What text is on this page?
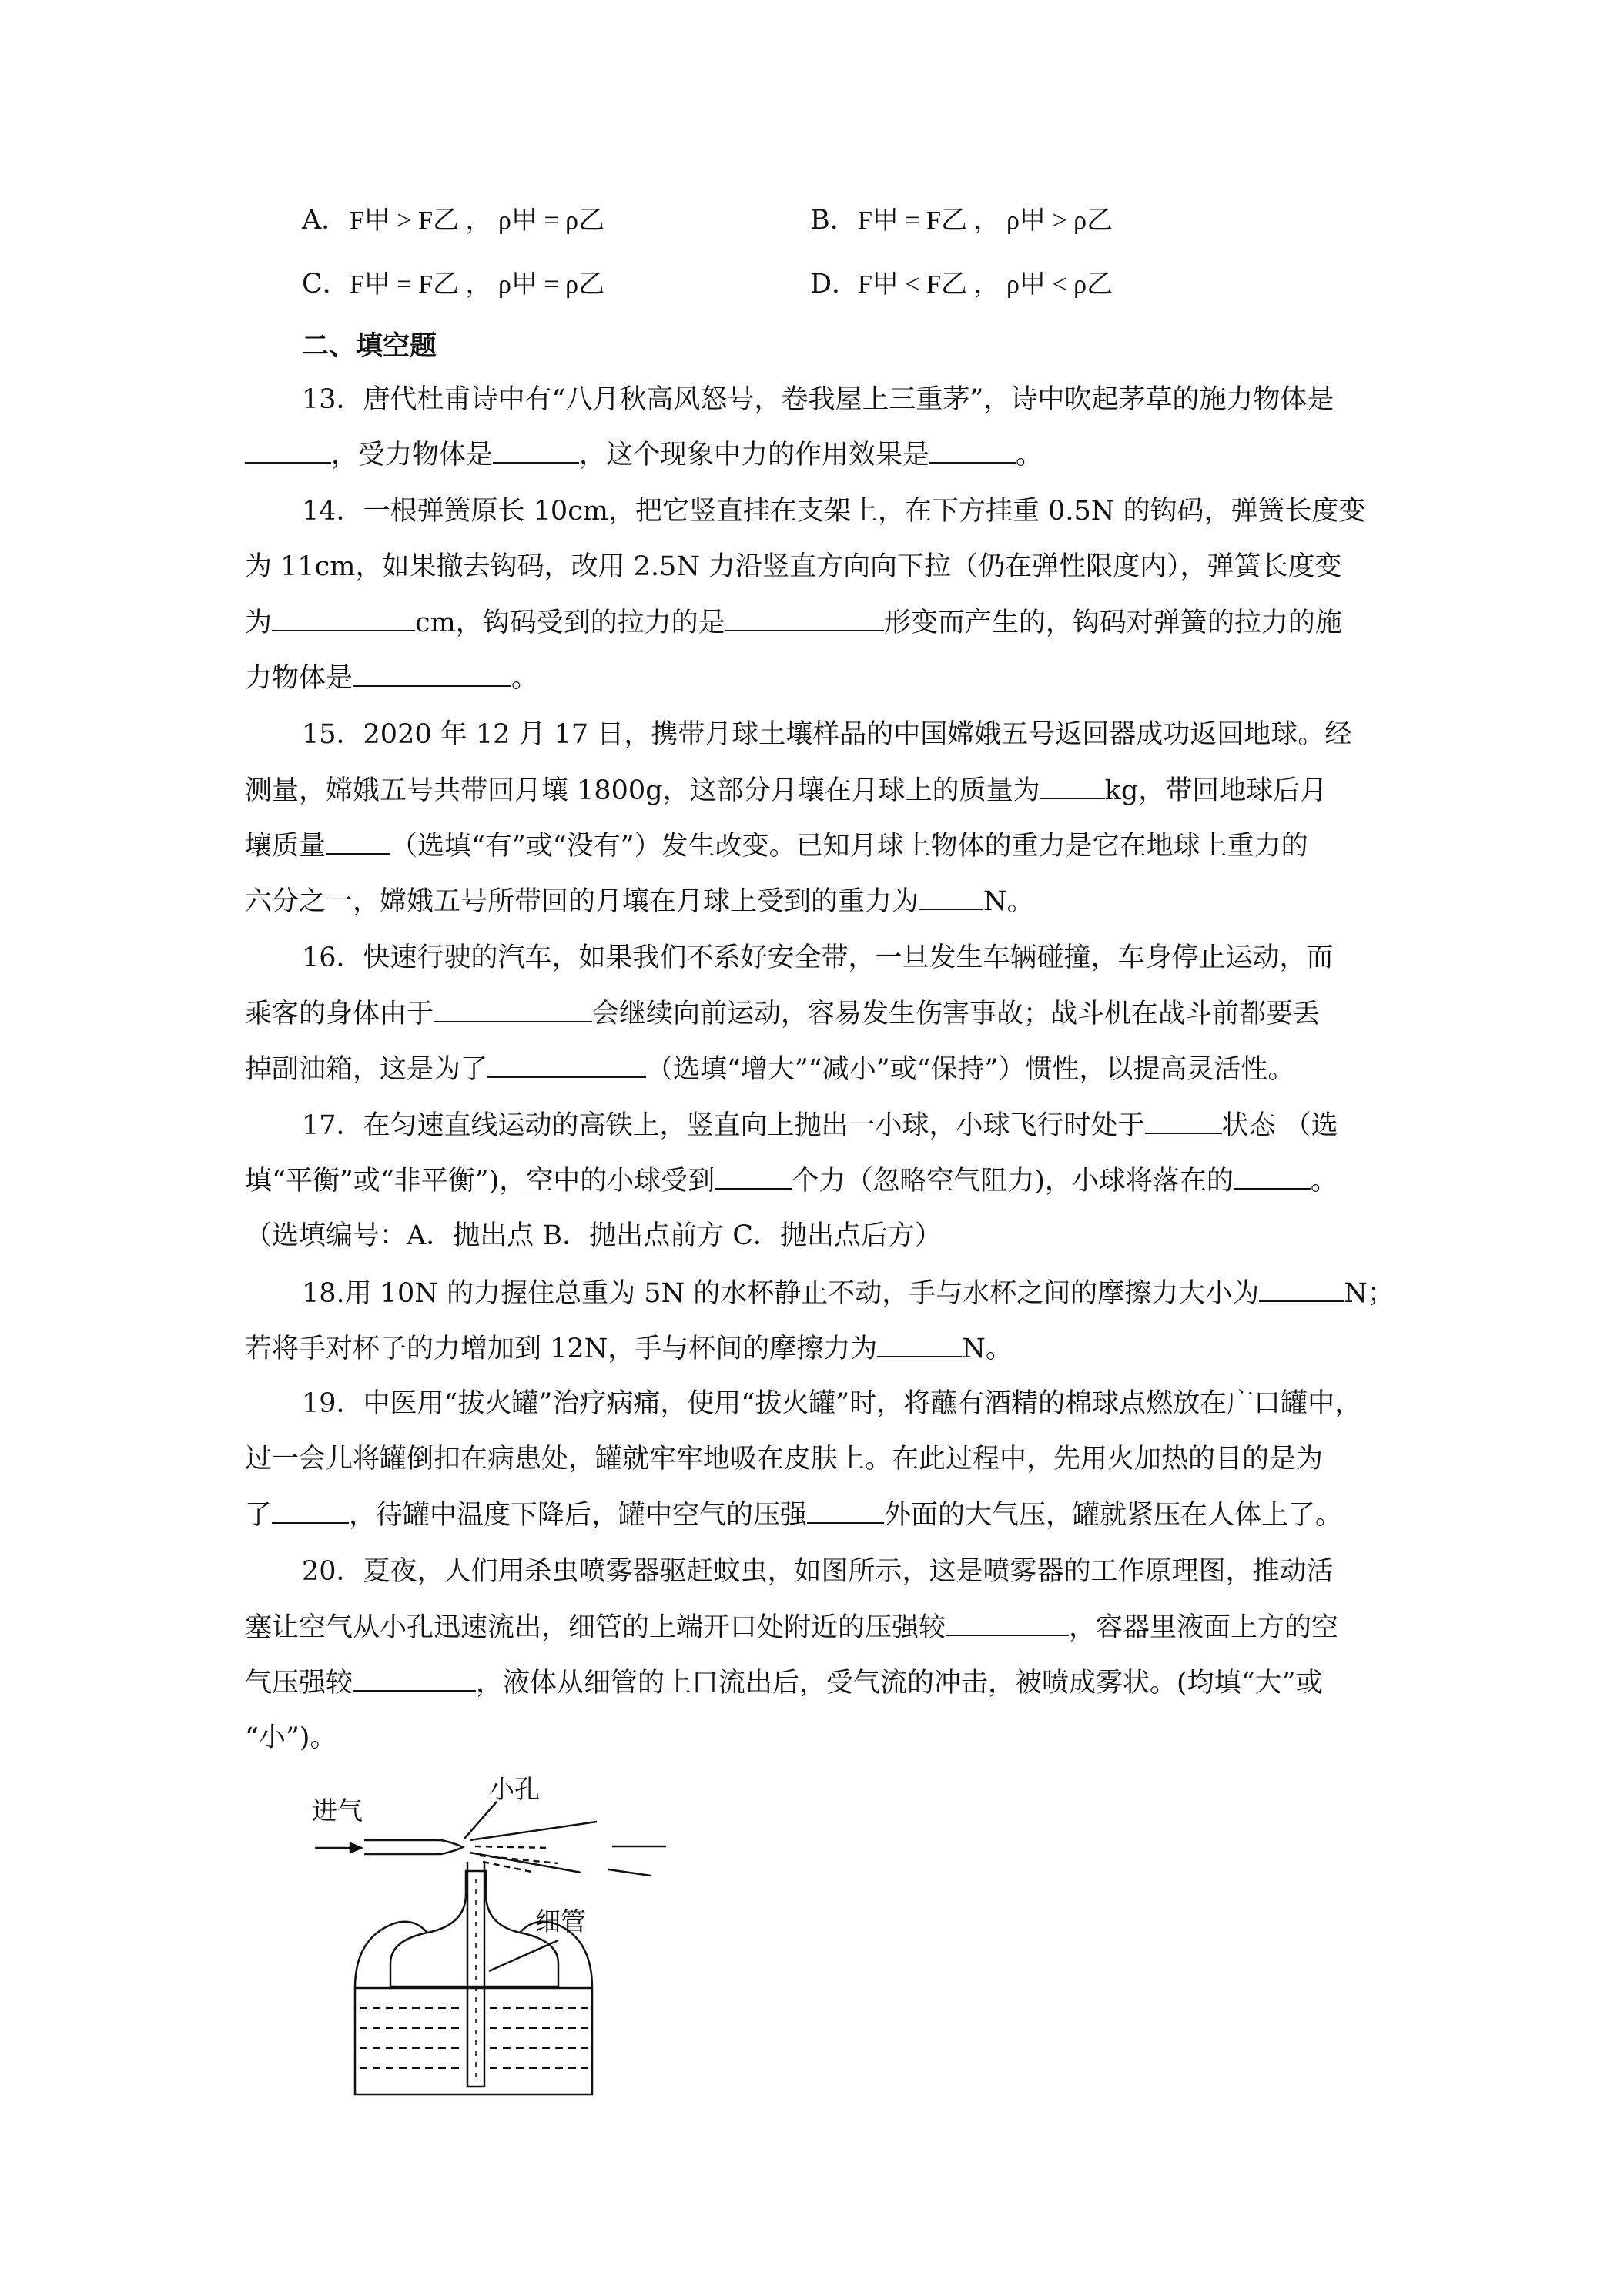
A．F甲 > F乙 ， ρ甲 = ρ乙	B．F甲 = F乙 ， ρ甲 > ρ乙
C．F甲 = F乙 ， ρ甲 = ρ乙	D．F甲 < F乙 ， ρ甲 < ρ乙
二、填空题
13．唐代杜甫诗中有“八月秋高风怒号，卷我屋上三重茅”，诗中吹起茅草的施力物体是
，受力物体是	，这个现象中力的作用效果是	。
14．一根弹簧原长 10cm，把它竖直挂在支架上，在下方挂重 0.5N 的钩码，弹簧长度变
为 11cm，如果撤去钩码，改用 2.5N 力沿竖直方向向下拉（仍在弹性限度内），弹簧长度变
为	cm，钩码受到的拉力的是	形变而产生的，钩码对弹簧的拉力的施
力物体是	。
15．2020 年 12 月 17 日，携带月球土壤样品的中国嫦娥五号返回器成功返回地球。经
测量，嫦娥五号共带回月壤 1800g，这部分月壤在月球上的质量为 kg，带回地球后月
壤质量 （选填“有”或“没有”）发生改变。已知月球上物体的重力是它在地球上重力的
六分之一，嫦娥五号所带回的月壤在月球上受到的重力为 N。
16．快速行驶的汽车，如果我们不系好安全带，一旦发生车辆碰撞，车身停止运动，而
乘客的身体由于	会继续向前运动，容易发生伤害事故；战斗机在战斗前都要丢
掉副油箱，这是为了	（选填“增大”“减小”或“保持”）惯性，以提高灵活性。
17．在匀速直线运动的高铁上，竖直向上抛出一小球，小球飞行时处于	状态 （选
填“平衡”或“非平衡”)，空中的小球受到	个力（忽略空气阻力)，小球将落在的	。
（选填编号：A．抛出点 B．抛出点前方 C．抛出点后方）
18.用 10N 的力握住总重为 5N 的水杯静止不动，手与水杯之间的摩擦力大小为	N；
若将手对杯子的力增加到 12N，手与杯间的摩擦力为	N。
19．中医用“拔火罐”治疗病痛，使用“拔火罐”时，将蘸有酒精的棉球点燃放在广口罐中，
过一会儿将罐倒扣在病患处，罐就牢牢地吸在皮肤上。在此过程中，先用火加热的目的是为
了	，待罐中温度下降后，罐中空气的压强	外面的大气压，罐就紧压在人体上了。
20．夏夜，人们用杀虫喷雾器驱赶蚊虫，如图所示，这是喷雾器的工作原理图，推动活
塞让空气从小孔迅速流出，细管的上端开口处附近的压强较	，容器里液面上方的空
气压强较	，液体从细管的上口流出后，受气流的冲击，被喷成雾状。(均填“大”或
“小”)。
进气
小孔
细管
